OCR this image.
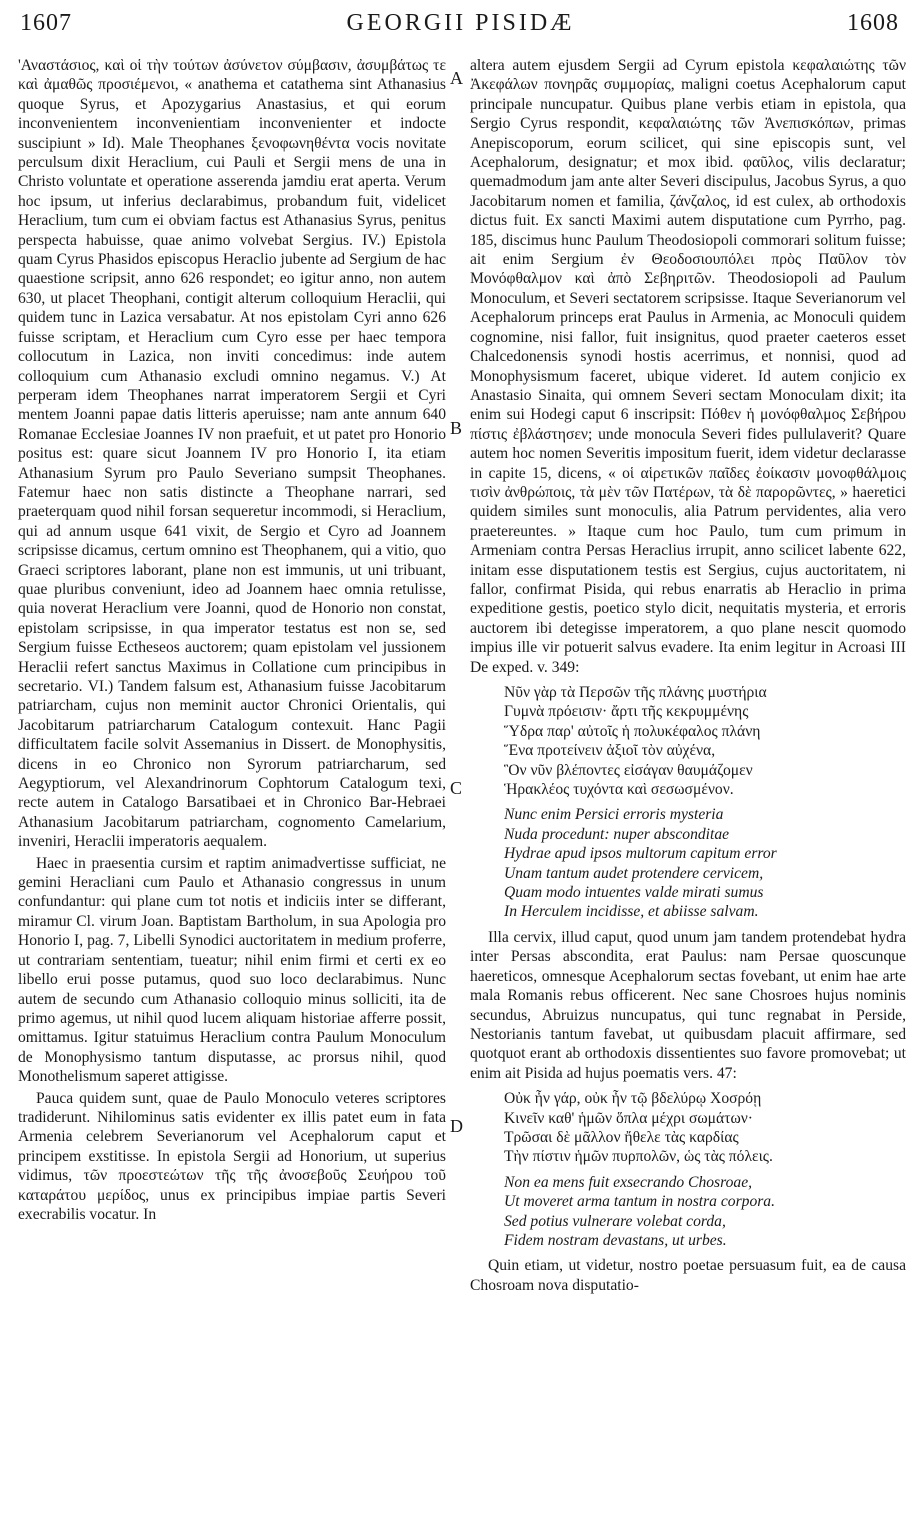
1607	GEORGII PISIDÆ	1608
A
B
C
D

'Αναστάσιος, καὶ οἱ τὴν τούτων ἀσύνετον σύμβασιν, ἀσυμβάτως τε καὶ ἀμαθῶς προσιέμενοι, « anathema et catathema sint Athanasius quoque Syrus, et Apozygarius Anastasius, et qui eorum inconvenientem inconvenientiam inconvenienter et indocte suscipiunt » Id). Male Theophanes ξενοφωνηθέντα vocis novitate perculsum dixit Heraclium, cui Pauli et Sergii mens de una in Christo voluntate et operatione asserenda jamdiu erat aperta. Verum hoc ipsum, ut inferius declarabimus, probandum fuit, videlicet Heraclium, tum cum ei obviam factus est Athanasius Syrus, penitus perspecta habuisse, quae animo volvebat Sergius. IV.) Epistola quam Cyrus Phasidos episcopus Heraclio jubente ad Sergium de hac quaestione scripsit, anno 626 respondet; eo igitur anno, non autem 630, ut placet Theophani, contigit alterum colloquium Heraclii, qui quidem tunc in Lazica versabatur. At nos epistolam Cyri anno 626 fuisse scriptam, et Heraclium cum Cyro esse per haec tempora collocutum in Lazica, non inviti concedimus: inde autem colloquium cum Athanasio excludi omnino negamus. V.) At perperam idem Theophanes narrat imperatorem Sergii et Cyri mentem Joanni papae datis litteris aperuisse; nam ante annum 640 Romanae Ecclesiae Joannes IV non praefuit, et ut patet pro Honorio positus est: quare sicut Joannem IV pro Honorio I, ita etiam Athanasium Syrum pro Paulo Severiano sumpsit Theophanes. Fatemur haec non satis distincte a Theophane narrari, sed praeterquam quod nihil forsan sequeretur incommodi, si Heraclium, qui ad annum usque 641 vixit, de Sergio et Cyro ad Joannem scripsisse dicamus, certum omnino est Theophanem, qui a vitio, quo Graeci scriptores laborant, plane non est immunis, ut uni tribuant, quae pluribus conveniunt, ideo ad Joannem haec omnia retulisse, quia noverat Heraclium vere Joanni, quod de Honorio non constat, epistolam scripsisse, in qua imperator testatus est non se, sed Sergium fuisse Ectheseos auctorem; quam epistolam vel jussionem Heraclii refert sanctus Maximus in Collatione cum principibus in secretario. VI.) Tandem falsum est, Athanasium fuisse Jacobitarum patriarcham, cujus non meminit auctor Chronici Orientalis, qui Jacobitarum patriarcharum Catalogum contexuit. Hanc Pagii difficultatem facile solvit Assemanius in Dissert. de Monophysitis, dicens in eo Chronico non Syrorum patriarcharum, sed Aegyptiorum, vel Alexandrinorum Cophtorum Catalogum texi, recte autem in Catalogo Barsatibaei et in Chronico Bar-Hebraei Athanasium Jacobitarum patriarcham, cognomento Camelarium, inveniri, Heraclii imperatoris aequalem.

Haec in praesentia cursim et raptim animadvertisse sufficiat, ne gemini Heracliani cum Paulo et Athanasio congressus in unum confundantur: qui plane cum tot notis et indiciis inter se differant, miramur Cl. virum Joan. Baptistam Bartholum, in sua Apologia pro Honorio I, pag. 7, Libelli Synodici auctoritatem in medium proferre, ut contrariam sententiam, tueatur; nihil enim firmi et certi ex eo libello erui posse putamus, quod suo loco declarabimus. Nunc autem de secundo cum Athanasio colloquio minus solliciti, ita de primo agemus, ut nihil quod lucem aliquam historiae afferre possit, omittamus. Igitur statuimus Heraclium contra Paulum Monoculum de Monophysismo tantum disputasse, ac prorsus nihil, quod Monothelismum saperet attigisse.

Pauca quidem sunt, quae de Paulo Monoculo veteres scriptores tradiderunt. Nihilominus satis evidenter ex illis patet eum in fata Armenia celebrem Severianorum vel Acephalorum caput et principem exstitisse. In epistola Sergii ad Honorium, ut superius vidimus, τῶν προεστεώτων τῆς τῆς ἀνοσεβοῦς Σευήρου τοῦ καταράτου μερίδος, unus ex principibus impiae partis Severi execrabilis vocatur. In

altera autem ejusdem Sergii ad Cyrum epistola κεφαλαιώτης τῶν Ἀκεφάλων πονηρᾶς συμμορίας, maligni coetus Acephalorum caput principale nuncupatur. Quibus plane verbis etiam in epistola, qua Sergio Cyrus respondit, κεφαλαιώτης τῶν Ἀνεπισκόπων, primas Anepiscoporum, eorum scilicet, qui sine episcopis sunt, vel Acephalorum, designatur; et mox ibid. φαῦλος, vilis declaratur; quemadmodum jam ante alter Severi discipulus, Jacobus Syrus, a quo Jacobitarum nomen et familia, ζάνζαλος, id est culex, ab orthodoxis dictus fuit. Ex sancti Maximi autem disputatione cum Pyrrho, pag. 185, discimus hunc Paulum Theodosiopoli commorari solitum fuisse; ait enim Sergium ἐν Θεοδοσιουπόλει πρὸς Παῦλον τὸν Μονόφθαλμον καὶ ἀπὸ Σεβηριτῶν. Theodosiopoli ad Paulum Monoculum, et Severi sectatorem scripsisse. Itaque Severianorum vel Acephalorum princeps erat Paulus in Armenia, ac Monoculi quidem cognomine, nisi fallor, fuit insignitus, quod praeter caeteros esset Chalcedonensis synodi hostis acerrimus, et nonnisi, quod ad Monophysismum faceret, ubique videret. Id autem conjicio ex Anastasio Sinaita, qui omnem Severi sectam Monoculam dixit; ita enim sui Hodegi caput 6 inscripsit: Πόθεν ἡ μονόφθαλμος Σεβήρου πίστις ἐβλάστησεν; unde monocula Severi fides pullulaverit? Quare autem hoc nomen Severitis impositum fuerit, idem videtur declarasse in capite 15, dicens, « οἱ αἱρετικῶν παῖδες ἐοίκασιν μονοφθάλμοις τισὶν ἀνθρώποις, τὰ μὲν τῶν Πατέρων, τὰ δὲ παρορῶντες, » haeretici quidem similes sunt monoculis, alia Patrum pervidentes, alia vero praetereuntes. » Itaque cum hoc Paulo, tum cum primum in Armeniam contra Persas Heraclius irrupit, anno scilicet labente 622, initam esse disputationem testis est Sergius, cujus auctoritatem, ni fallor, confirmat Pisida, qui rebus enarratis ab Heraclio in prima expeditione gestis, poetico stylo dicit, nequitatis mysteria, et erroris auctorem ibi detegisse imperatorem, a quo plane nescit quomodo impius ille vir potuerit salvus evadere. Ita enim legitur in Acroasi III De exped. v. 349:

Νῦν γὰρ τὰ Περσῶν τῆς πλάνης μυστήρια
Γυμνὰ πρόεισιν· ἄρτι τῆς κεκρυμμένης
Ὕδρα παρ' αὐτοῖς ἡ πολυκέφαλος πλάνη
Ἕνα προτείνειν ἀξιοῖ τὸν αὐχένα,
Ὃν νῦν βλέποντες εἰσάγαν θαυμάζομεν
Ἡρακλέος τυχόντα καὶ σεσωσμένον.
Nunc enim Persici erroris mysteria
Nuda procedunt: nuper absconditae
Hydrae apud ipsos multorum capitum error
Unam tantum audet protendere cervicem,
Quam modo intuentes valde mirati sumus
In Herculem incidisse, et abiisse salvam.

Illa cervix, illud caput, quod unum jam tandem protendebat hydra inter Persas abscondita, erat Paulus: nam Persae quoscunque haereticos, omnesque Acephalorum sectas fovebant, ut enim hae arte mala Romanis rebus officerent. Nec sane Chosroes hujus nominis secundus, Abruizus nuncupatus, qui tunc regnabat in Perside, Nestorianis tantum favebat, ut quibusdam placuit affirmare, sed quotquot erant ab orthodoxis dissentientes suo favore promovebat; ut enim ait Pisida ad hujus poematis vers. 47:

Οὐκ ἦν γάρ, οὐκ ἦν τῷ βδελύρῳ Χοσρόῃ
Κινεῖν καθ' ἡμῶν ὅπλα μέχρι σωμάτων·
Τρῶσαι δὲ μᾶλλον ἤθελε τὰς καρδίας
Τὴν πίστιν ἡμῶν πυρπολῶν, ὡς τὰς πόλεις.
Non ea mens fuit exsecrando Chosroae,
Ut moveret arma tantum in nostra corpora.
Sed potius vulnerare volebat corda,
Fidem nostram devastans, ut urbes.

Quin etiam, ut videtur, nostro poetae persuasum fuit, ea de causa Chosroam nova disputatio-
